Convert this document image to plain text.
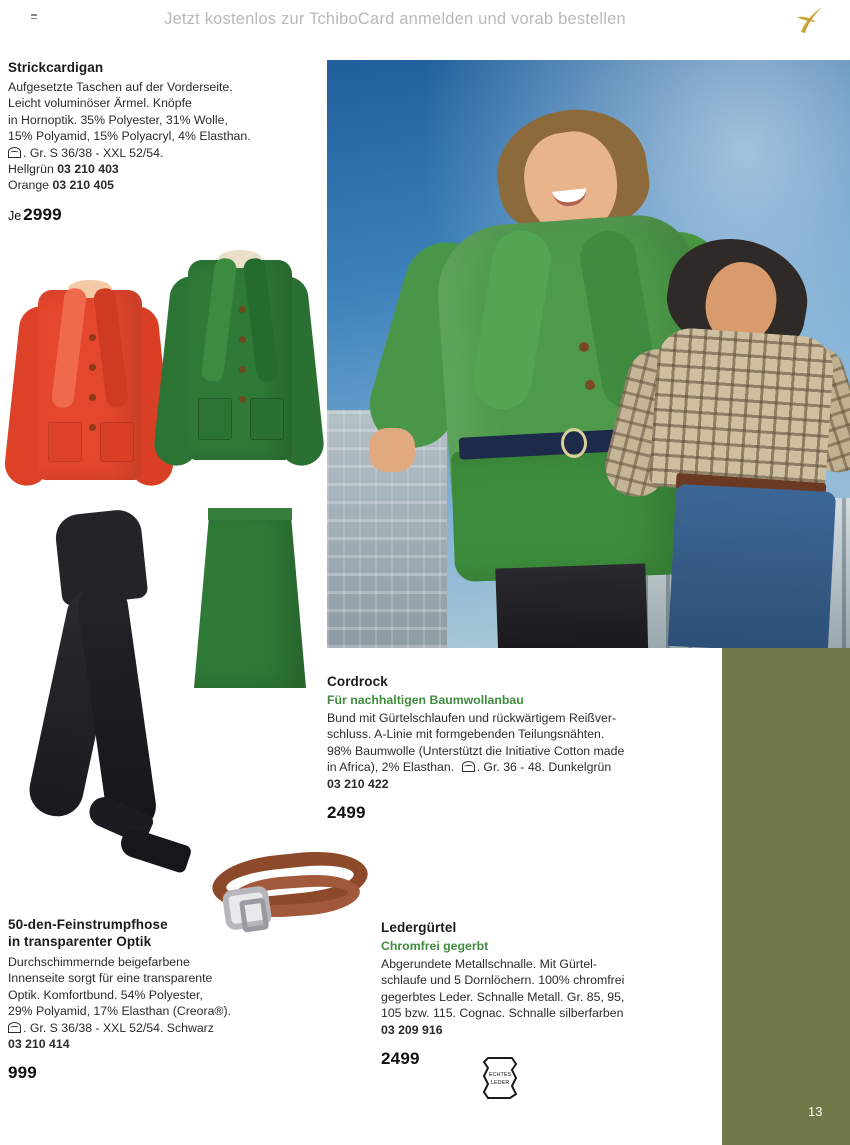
Jetzt kostenlos zur TchiboCard anmelden und vorab bestellen
Strickcardigan
Aufgesetzte Taschen auf der Vorderseite.
Leicht voluminöser Ärmel. Knöpfe
in Hornoptik. 35% Polyester, 31% Wolle,
15% Polyamid, 15% Polyacryl, 4% Elasthan.
. Gr. S 36/38 - XXL 52/54.
Hellgrün 03 210 403
Orange 03 210 405
Je 2999
Cordrock
Für nachhaltigen Baumwollanbau
Bund mit Gürtelschlaufen und rückwärtigem Reißver-
schluss. A-Linie mit formgebenden Teilungsnähten.
98% Baumwolle (Unterstützt die Initiative Cotton made
in Africa), 2% Elasthan. . Gr. 36 - 48. Dunkelgrün
03 210 422
2499
50-den-Feinstrumpfhose
in transparenter Optik
Durchschimmernde beigefarbene
Innenseite sorgt für eine transparente
Optik. Komfortbund. 54% Polyester,
29% Polyamid, 17% Elasthan (Creora®).
. Gr. S 36/38 - XXL 52/54. Schwarz
03 210 414
999
Ledergürtel
Chromfrei gegerbt
Abgerundete Metallschnalle. Mit Gürtel-
schlaufe und 5 Dornlöchern. 100% chromfrei
gegerbtes Leder. Schnalle Metall. Gr. 85, 95,
105 bzw. 115. Cognac. Schnalle silberfarben
03 209 916
2499
ECHTES
LEDER
13
